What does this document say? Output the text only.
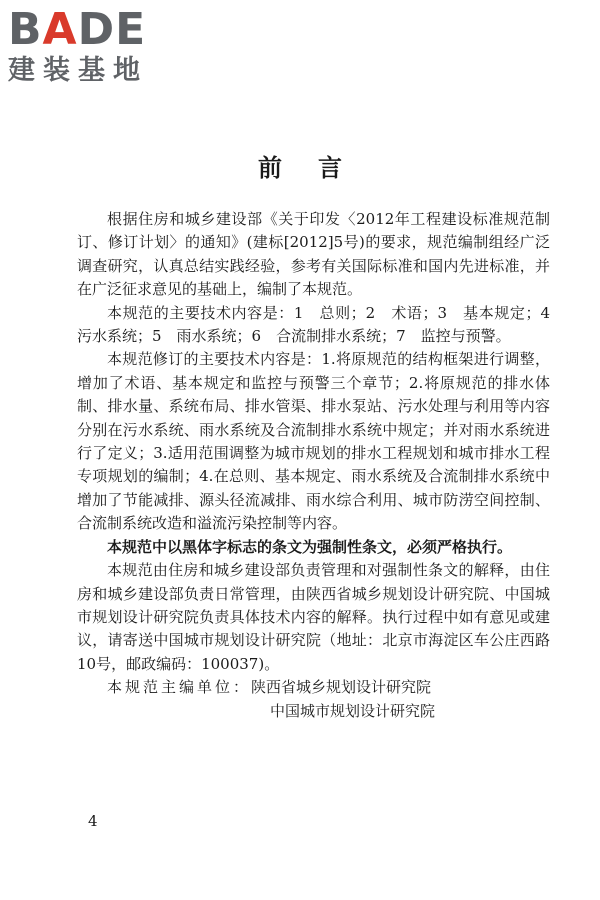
BADE
建装基地
前言

根据住房和城乡建设部《关于印发〈2012年工程建设标准规范制订、修订计划〉的通知》(建标[2012]5号)的要求，规范编制组经广泛调查研究，认真总结实践经验，参考有关国际标准和国内先进标准，并在广泛征求意见的基础上，编制了本规范。

本规范的主要技术内容是：1　总则；2　术语；3　基本规定；4　污水系统；5　雨水系统；6　合流制排水系统；7　监控与预警。

本规范修订的主要技术内容是：1.将原规范的结构框架进行调整，增加了术语、基本规定和监控与预警三个章节；2.将原规范的排水体制、排水量、系统布局、排水管渠、排水泵站、污水处理与利用等内容分别在污水系统、雨水系统及合流制排水系统中规定；并对雨水系统进行了定义；3.适用范围调整为城市规划的排水工程规划和城市排水工程专项规划的编制；4.在总则、基本规定、雨水系统及合流制排水系统中增加了节能减排、源头径流减排、雨水综合利用、城市防涝空间控制、合流制系统改造和溢流污染控制等内容。

本规范中以黑体字标志的条文为强制性条文，必须严格执行。

本规范由住房和城乡建设部负责管理和对强制性条文的解释，由住房和城乡建设部负责日常管理，由陕西省城乡规划设计研究院、中国城市规划设计研究院负责具体技术内容的解释。执行过程中如有意见或建议，请寄送中国城市规划设计研究院（地址：北京市海淀区车公庄西路10号，邮政编码：100037)。

本规范主编单位：陕西省城乡规划设计研究院
中国城市规划设计研究院
4
